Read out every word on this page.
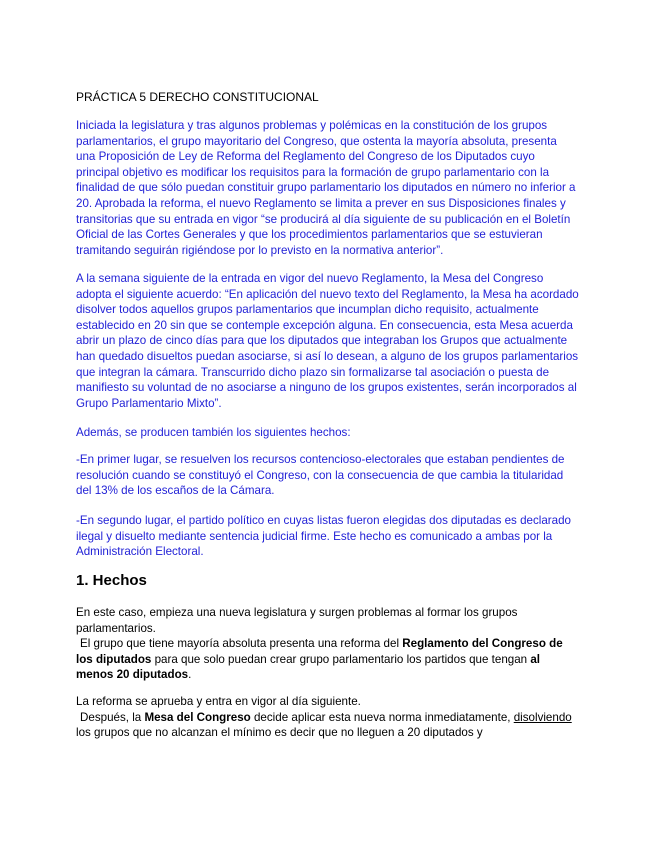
PRÁCTICA 5 DERECHO CONSTITUCIONAL

Iniciada la legislatura y tras algunos problemas y polémicas en la constitución de los grupos parlamentarios, el grupo mayoritario del Congreso, que ostenta la mayoría absoluta, presenta una Proposición de Ley de Reforma del Reglamento del Congreso de los Diputados cuyo principal objetivo es modificar los requisitos para la formación de grupo parlamentario con la finalidad de que sólo puedan constituir grupo parlamentario los diputados en número no inferior a 20. Aprobada la reforma, el nuevo Reglamento se limita a prever en sus Disposiciones finales y transitorias que su entrada en vigor “se producirá al día siguiente de su publicación en el Boletín Oficial de las Cortes Generales y que los procedimientos parlamentarios que se estuvieran tramitando seguirán rigiéndose por lo previsto en la normativa anterior”.

A la semana siguiente de la entrada en vigor del nuevo Reglamento, la Mesa del Congreso adopta el siguiente acuerdo: “En aplicación del nuevo texto del Reglamento, la Mesa ha acordado disolver todos aquellos grupos parlamentarios que incumplan dicho requisito, actualmente establecido en 20 sin que se contemple excepción alguna. En consecuencia, esta Mesa acuerda abrir un plazo de cinco días para que los diputados que integraban los Grupos que actualmente han quedado disueltos puedan asociarse, si así lo desean, a alguno de los grupos parlamentarios que integran la cámara. Transcurrido dicho plazo sin formalizarse tal asociación o puesta de manifiesto su voluntad de no asociarse a ninguno de los grupos existentes, serán incorporados al Grupo Parlamentario Mixto”.

Además, se producen también los siguientes hechos:

-En primer lugar, se resuelven los recursos contencioso-electorales que estaban pendientes de resolución cuando se constituyó el Congreso, con la consecuencia de que cambia la titularidad del 13% de los escaños de la Cámara.

-En segundo lugar, el partido político en cuyas listas fueron elegidas dos diputadas es declarado ilegal y disuelto mediante sentencia judicial firme. Este hecho es comunicado a ambas por la Administración Electoral.

1. Hechos

En este caso, empieza una nueva legislatura y surgen problemas al formar los grupos parlamentarios.
El grupo que tiene mayoría absoluta presenta una reforma del Reglamento del Congreso de los diputados para que solo puedan crear grupo parlamentario los partidos que tengan al menos 20 diputados.

La reforma se aprueba y entra en vigor al día siguiente.
Después, la Mesa del Congreso decide aplicar esta nueva norma inmediatamente, disolviendo los grupos que no alcanzan el mínimo es decir que no lleguen a 20 diputados y
